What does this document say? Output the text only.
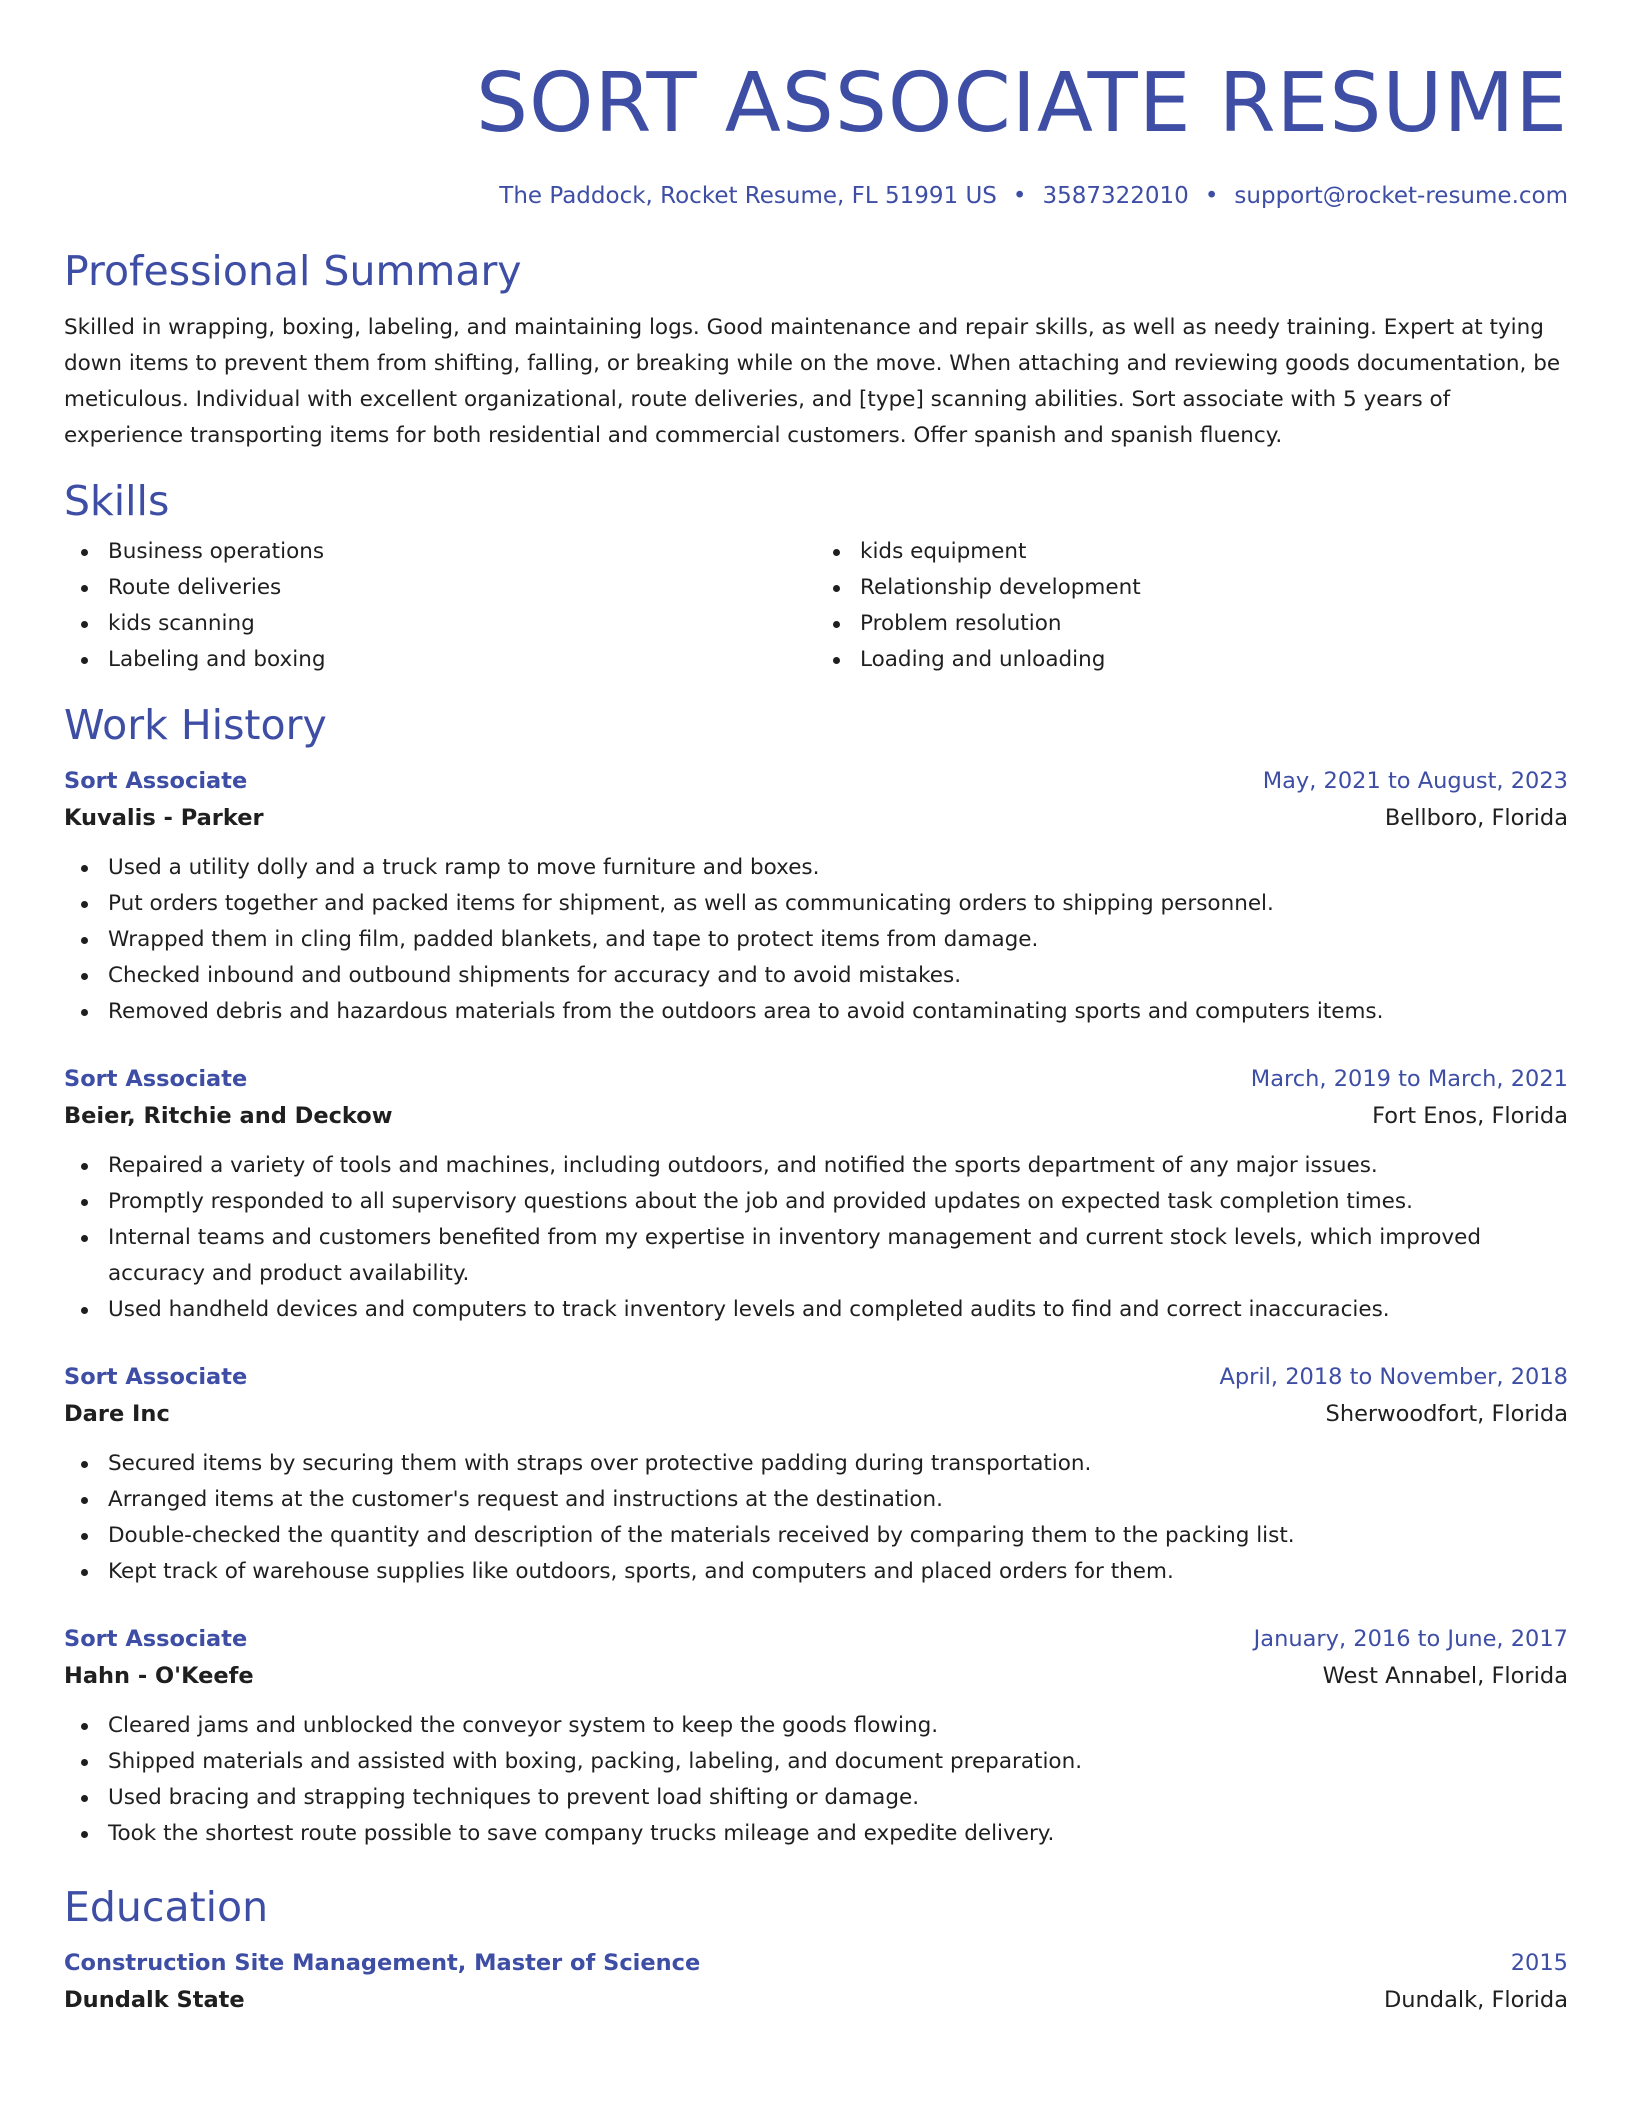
SORT ASSOCIATE RESUME
The Paddock, Rocket Resume, FL 51991 US • 3587322010 • support@rocket-resume.com
Professional Summary

Skilled in wrapping, boxing, labeling, and maintaining logs. Good maintenance and repair skills, as well as needy training. Expert at tying down items to prevent them from shifting, falling, or breaking while on the move. When attaching and reviewing goods documentation, be meticulous. Individual with excellent organizational, route deliveries, and [type] scanning abilities. Sort associate with 5 years of experience transporting items for both residential and commercial customers. Offer spanish and spanish fluency.

Skills
Business operations
Route deliveries
kids scanning
Labeling and boxing
kids equipment
Relationship development
Problem resolution
Loading and unloading
Work History
Sort Associate	May, 2021 to August, 2023
Kuvalis - Parker	Bellboro, Florida
Used a utility dolly and a truck ramp to move furniture and boxes.
Put orders together and packed items for shipment, as well as communicating orders to shipping personnel.
Wrapped them in cling film, padded blankets, and tape to protect items from damage.
Checked inbound and outbound shipments for accuracy and to avoid mistakes.
Removed debris and hazardous materials from the outdoors area to avoid contaminating sports and computers items.
Sort Associate	March, 2019 to March, 2021
Beier, Ritchie and Deckow	Fort Enos, Florida
Repaired a variety of tools and machines, including outdoors, and notified the sports department of any major issues.
Promptly responded to all supervisory questions about the job and provided updates on expected task completion times.
Internal teams and customers benefited from my expertise in inventory management and current stock levels, which improved accuracy and product availability.
Used handheld devices and computers to track inventory levels and completed audits to find and correct inaccuracies.
Sort Associate	April, 2018 to November, 2018
Dare Inc	Sherwoodfort, Florida
Secured items by securing them with straps over protective padding during transportation.
Arranged items at the customer's request and instructions at the destination.
Double-checked the quantity and description of the materials received by comparing them to the packing list.
Kept track of warehouse supplies like outdoors, sports, and computers and placed orders for them.
Sort Associate	January, 2016 to June, 2017
Hahn - O'Keefe	West Annabel, Florida
Cleared jams and unblocked the conveyor system to keep the goods flowing.
Shipped materials and assisted with boxing, packing, labeling, and document preparation.
Used bracing and strapping techniques to prevent load shifting or damage.
Took the shortest route possible to save company trucks mileage and expedite delivery.
Education
Construction Site Management, Master of Science	2015
Dundalk State	Dundalk, Florida
